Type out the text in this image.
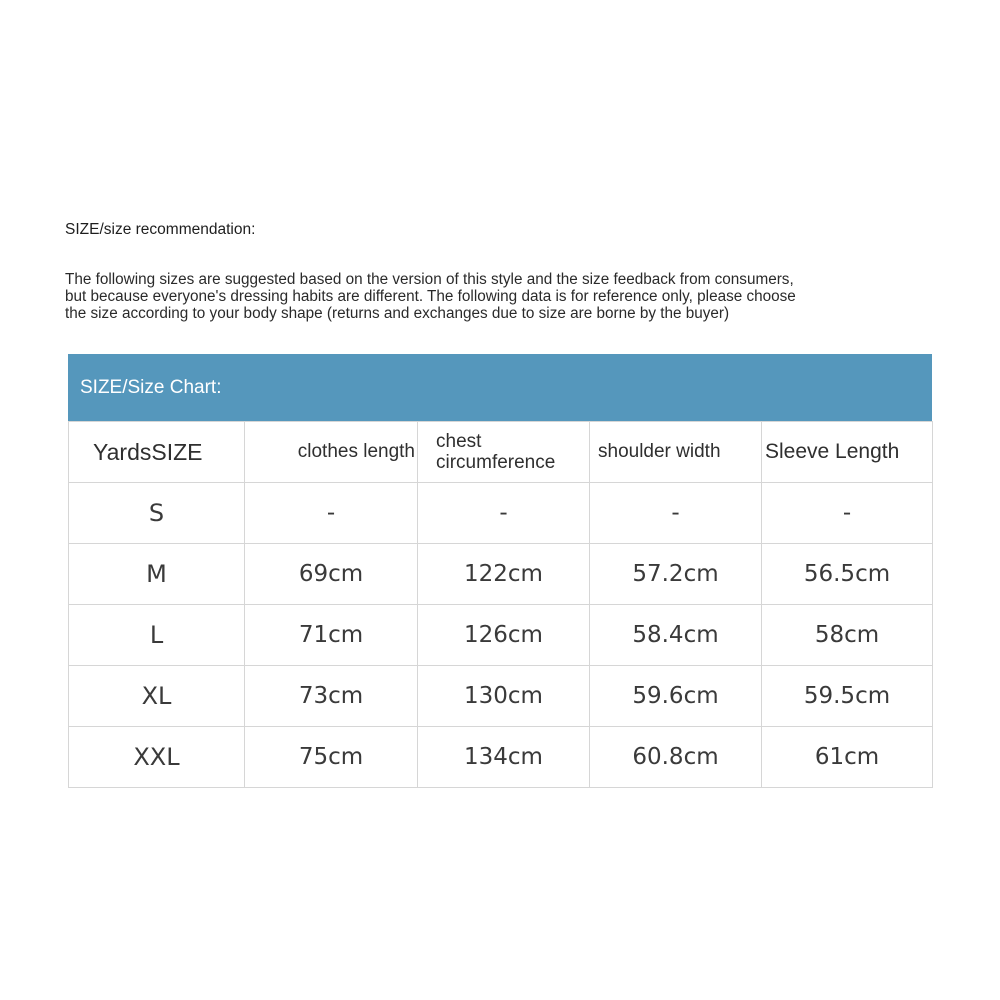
SIZE/size recommendation:
The following sizes are suggested based on the version of this style and the size feedback from consumers,
but because everyone's dressing habits are different. The following data is for reference only, please choose
the size according to your body shape (returns and exchanges due to size are borne by the buyer)
SIZE/Size Chart:
YardsSIZE	clothes length	chest
circumference	shoulder width	Sleeve Length
S	-	-	-	-
M	69cm	122cm	57.2cm	56.5cm
L	71cm	126cm	58.4cm	58cm
XL	73cm	130cm	59.6cm	59.5cm
XXL	75cm	134cm	60.8cm	61cm
